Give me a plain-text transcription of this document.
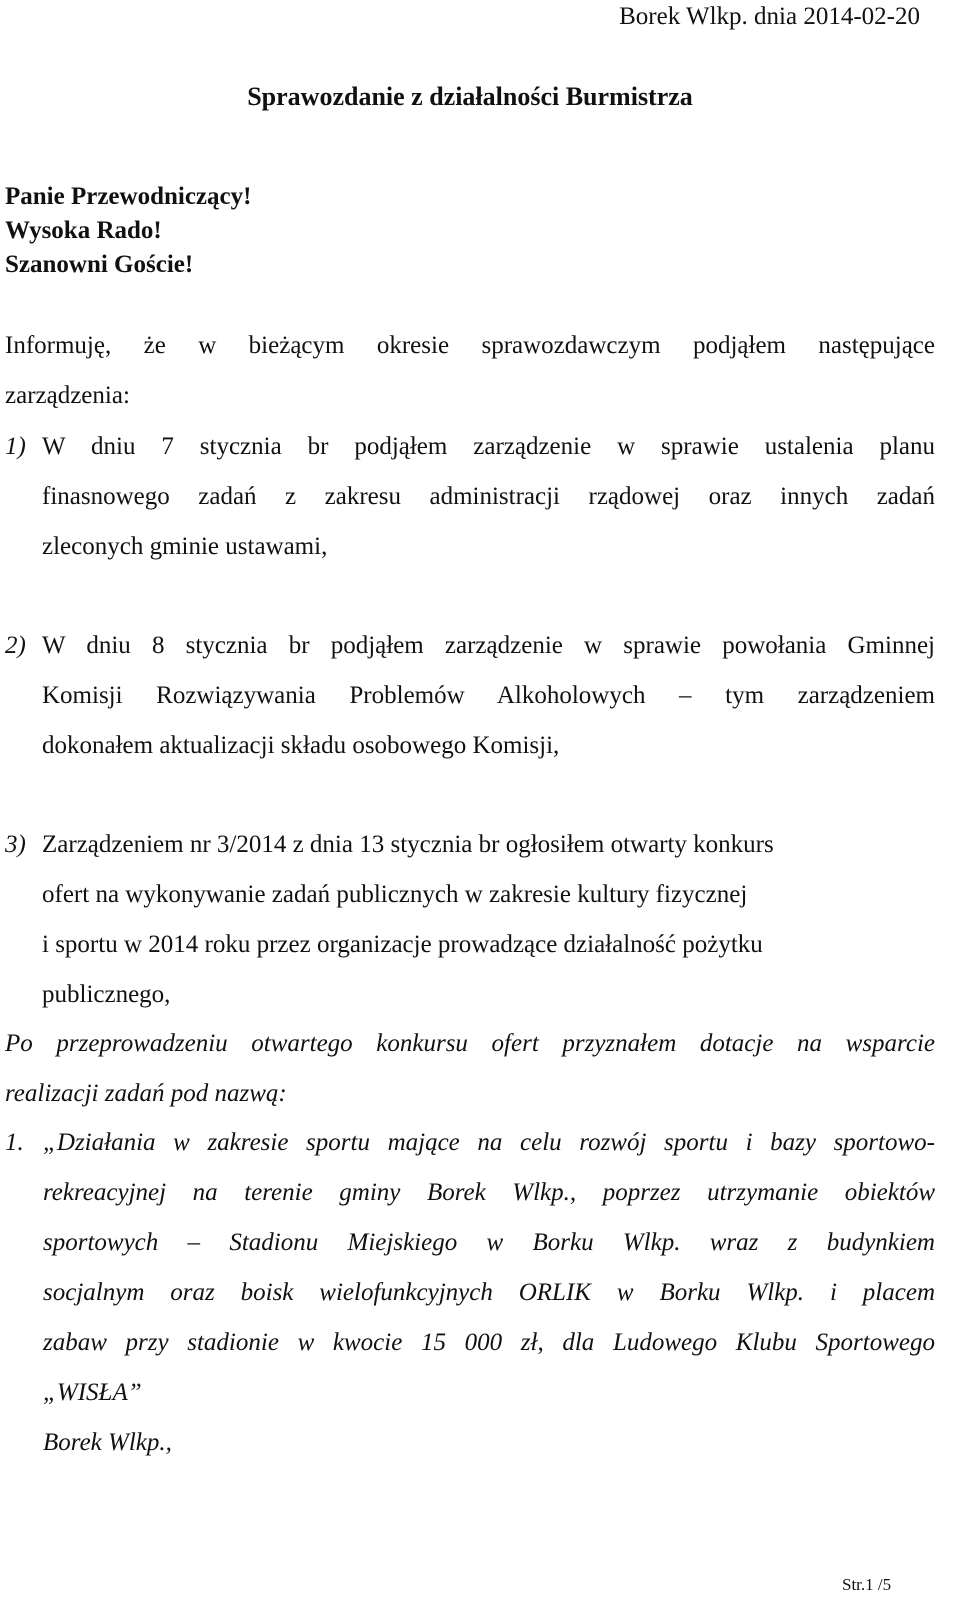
Borek Wlkp. dnia 2014-02-20
Sprawozdanie z działalności Burmistrza
Panie Przewodniczący!
Wysoka Rado!
Szanowni Goście!
Informuję, że w bieżącym okresie sprawozdawczym podjąłem następujące
zarządzenia:
1) W dniu 7 stycznia br podjąłem zarządzenie w sprawie ustalenia planu
finasnowego zadań z zakresu administracji rządowej oraz innych zadań
zleconych gminie ustawami,
2) W dniu 8 stycznia br podjąłem zarządzenie w sprawie powołania Gminnej
Komisji Rozwiązywania Problemów Alkoholowych – tym zarządzeniem
dokonałem aktualizacji składu osobowego Komisji,
3) Zarządzeniem nr 3/2014 z dnia 13 stycznia br ogłosiłem otwarty konkurs
ofert na wykonywanie zadań publicznych w zakresie kultury fizycznej
i sportu w 2014 roku przez organizacje prowadzące działalność pożytku
publicznego,
Po przeprowadzeniu otwartego konkursu ofert przyznałem dotacje na wsparcie
realizacji zadań pod nazwą:
1. „Działania w zakresie sportu mające na celu rozwój sportu i bazy sportowo-
rekreacyjnej na terenie gminy Borek Wlkp., poprzez utrzymanie obiektów
sportowych – Stadionu Miejskiego w Borku Wlkp. wraz z budynkiem
socjalnym oraz boisk wielofunkcyjnych ORLIK w Borku Wlkp. i placem
zabaw przy stadionie w kwocie 15 000 zł, dla Ludowego Klubu Sportowego
„WISŁA”
Borek Wlkp.,
Str.1 /5
